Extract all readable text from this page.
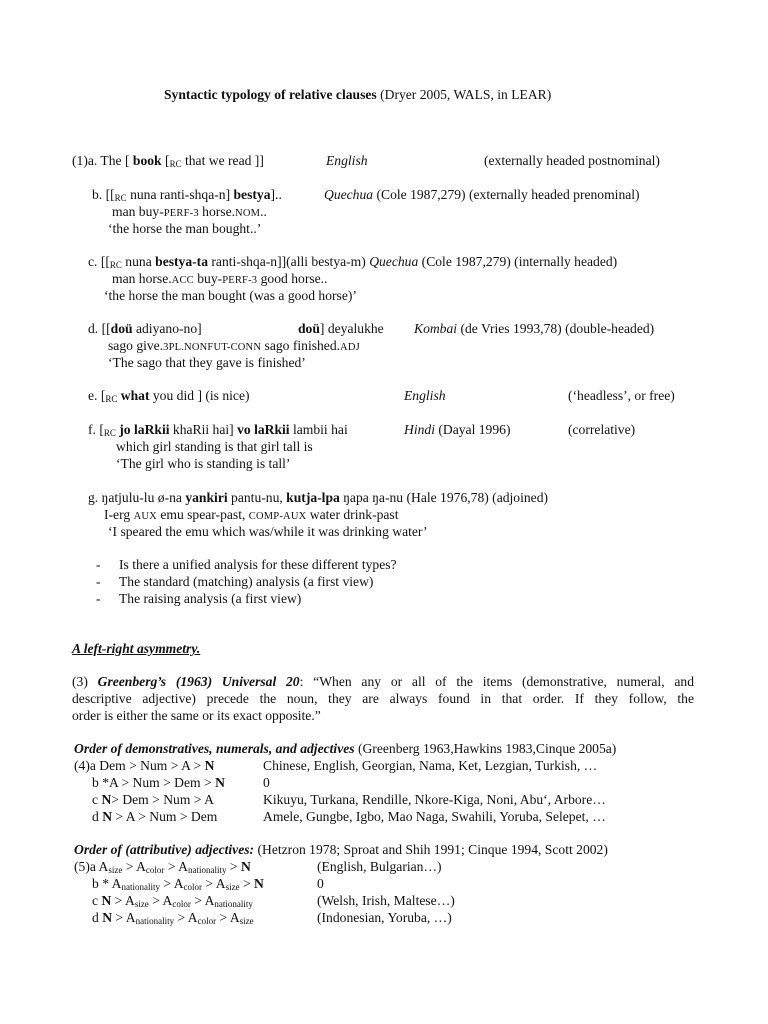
Syntactic typology of relative clauses (Dryer 2005, WALS, in LEAR)
(1)a. The [ book [$_{RC}$ that we read ]]	English	(externally headed postnominal)
b. [[$_{RC}$ nuna ranti-shqa-n] bestya]..	Quechua (Cole 1987,279) (externally headed prenominal)
man buy-PERF-3 horse.NOM..
‘the horse the man bought..’
c. [[$_{RC}$ nuna bestya-ta ranti-shqa-n]](alli bestya-m) Quechua (Cole 1987,279) (internally headed)
man horse.ACC buy-PERF-3 good horse..
‘the horse the man bought (was a good horse)’
d. [[doü adiyano-no]	doü] deyalukhe Kombai (de Vries 1993,78) (double-headed)
sago give.3PL.NONFUT-CONN sago finished.ADJ
‘The sago that they gave is finished’
e. [$_{RC}$ what you did ] (is nice)	English	(‘headless’, or free)
f. [$_{RC}$ jo laRkii khaRii hai] vo laRkii lambii hai	Hindi (Dayal 1996)	(correlative)
which girl standing is that girl tall is
‘The girl who is standing is tall’
g. ŋatjulu-lu ø-na yankiri pantu-nu, kutja-lpa ŋapa ŋa-nu (Hale 1976,78) (adjoined)
I-erg AUX emu spear-past, COMP-AUX water drink-past
‘I speared the emu which was/while it was drinking water’
- Is there a unified analysis for these different types?
- The standard (matching) analysis (a first view)
- The raising analysis (a first view)
A left-right asymmetry.
(3) Greenberg’s (1963) Universal 20: “When any or all of the items (demonstrative, numeral, and
descriptive adjective) precede the noun, they are always found in that order. If they follow, the
order is either the same or its exact opposite.”
Order of demonstratives, numerals, and adjectives (Greenberg 1963,Hawkins 1983,Cinque 2005a)
(4)a Dem > Num > A > N	Chinese, English, Georgian, Nama, Ket, Lezgian, Turkish, …
b *A > Num > Dem > N	0
c N> Dem > Num > A	Kikuyu, Turkana, Rendille, Nkore-Kiga, Noni, Abu‘, Arbore…
d N > A > Num > Dem	Amele, Gungbe, Igbo, Mao Naga, Swahili, Yoruba, Selepet, …
Order of (attributive) adjectives: (Hetzron 1978; Sproat and Shih 1991; Cinque 1994, Scott 2002)
(5)a $A_{size} > A_{color} > A_{nationality} > N$	(English, Bulgarian…)
$b * A_{nationality} > A_{color} > A_{size} > N$	0
c $N > A_{size} > A_{color} > A_{nationality}$	(Welsh, Irish, Maltese…)
d $N > A_{nationality} > A_{color} > A_{size}$	(Indonesian, Yoruba, …)
